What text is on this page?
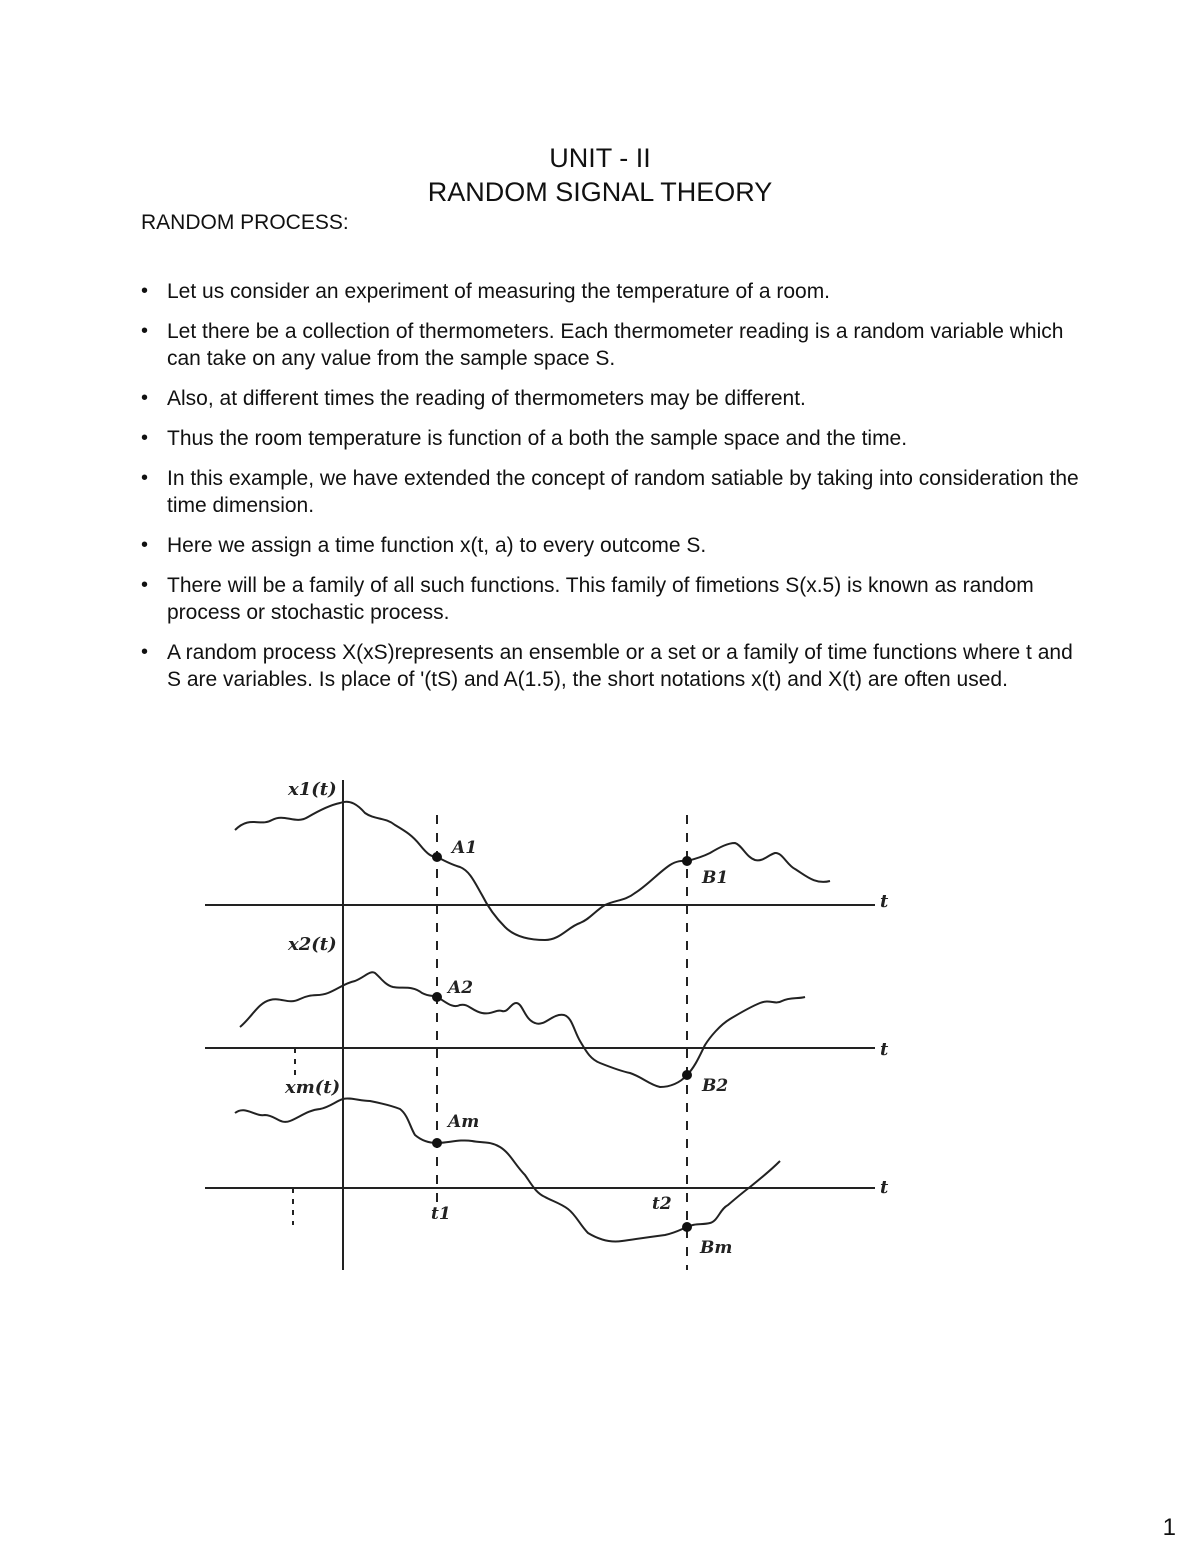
UNIT - II
RANDOM SIGNAL THEORY
RANDOM PROCESS:
• Let us consider an experiment of measuring the temperature of a room.
• Let there be a collection of thermometers. Each thermometer reading is a random variable which can take on any value from the sample space S.
• Also, at different times the reading of thermometers may be different.
• Thus the room temperature is function of a both the sample space and the time.
• In this example, we have extended the concept of random satiable by taking into consideration the time dimension.
• Here we assign a time function x(t, a) to every outcome S.
• There will be a family of all such functions. This family of fimetions S(x.5) is known as random process or stochastic process.
• A random process X(xS)represents an ensemble or a set or a family of time functions where t and S are variables. Is place of '(tS) and A(1.5), the short notations x(t) and X(t) are often used.
x1(t)
x2(t)
xm(t)
t
t
t
A1
A2
Am
B1
B2
Bm
t1	t2
1
